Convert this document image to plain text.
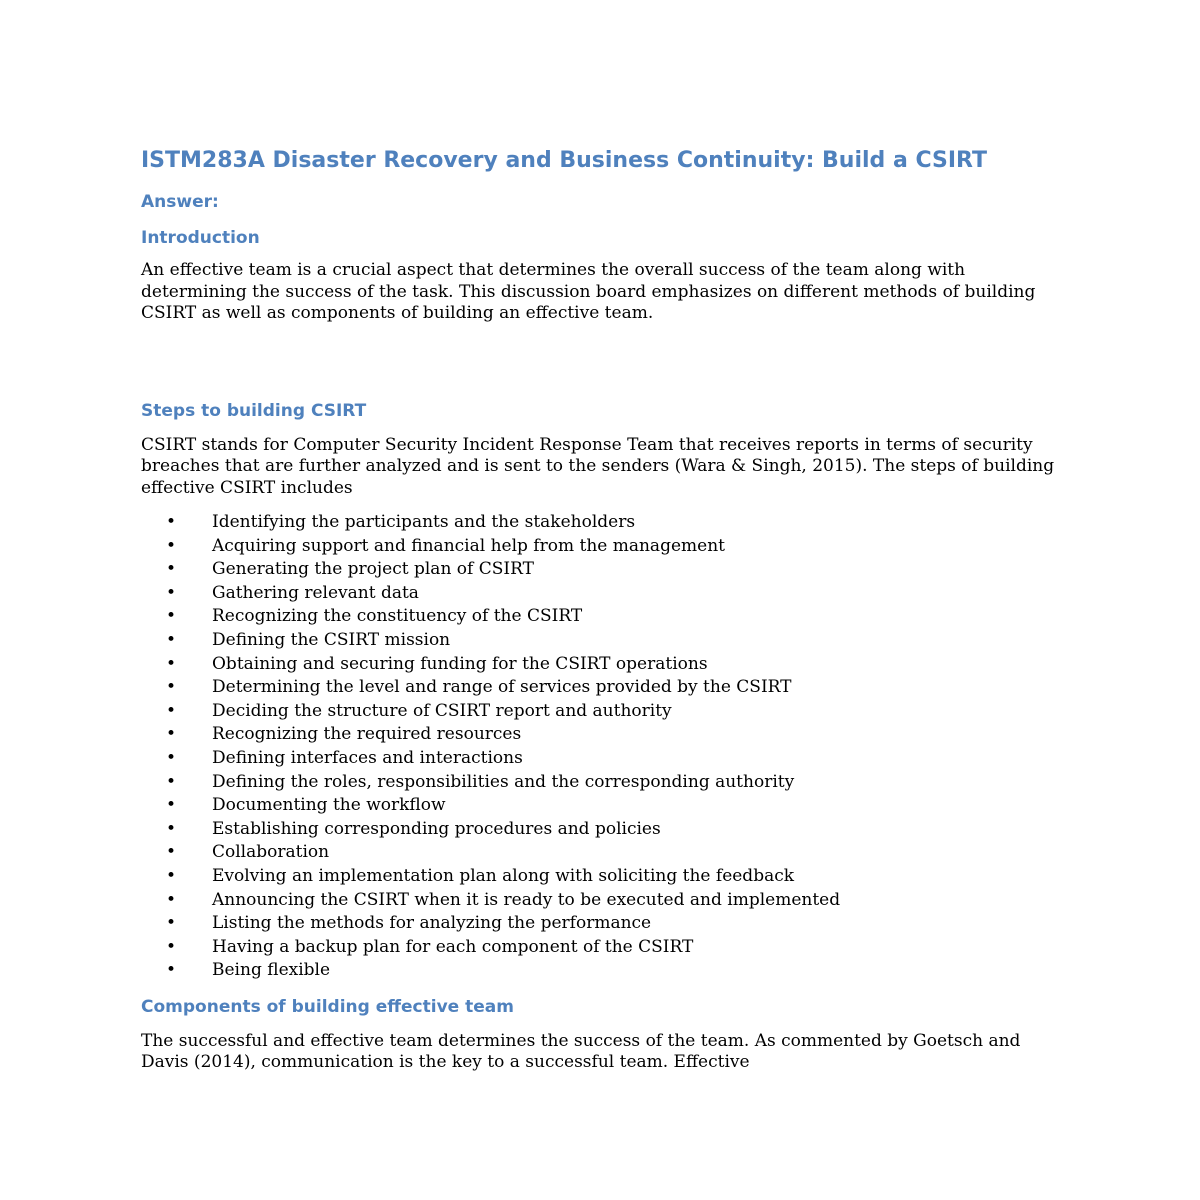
ISTM283A Disaster Recovery and Business Continuity: Build a CSIRT
Answer:
Introduction

An effective team is a crucial aspect that determines the overall success of the team along with determining the success of the task. This discussion board emphasizes on different methods of building CSIRT as well as components of building an effective team.

Steps to building CSIRT

CSIRT stands for Computer Security Incident Response Team that receives reports in terms of security breaches that are further analyzed and is sent to the senders (Wara & Singh, 2015). The steps of building effective CSIRT includes

• Identifying the participants and the stakeholders
• Acquiring support and financial help from the management
• Generating the project plan of CSIRT
• Gathering relevant data
• Recognizing the constituency of the CSIRT
• Defining the CSIRT mission
• Obtaining and securing funding for the CSIRT operations
• Determining the level and range of services provided by the CSIRT
• Deciding the structure of CSIRT report and authority
• Recognizing the required resources
• Defining interfaces and interactions
• Defining the roles, responsibilities and the corresponding authority
• Documenting the workflow
• Establishing corresponding procedures and policies
• Collaboration
• Evolving an implementation plan along with soliciting the feedback
• Announcing the CSIRT when it is ready to be executed and implemented
• Listing the methods for analyzing the performance
• Having a backup plan for each component of the CSIRT
• Being flexible
Components of building effective team

The successful and effective team determines the success of the team. As commented by Goetsch and Davis (2014), communication is the key to a successful team. Effective
